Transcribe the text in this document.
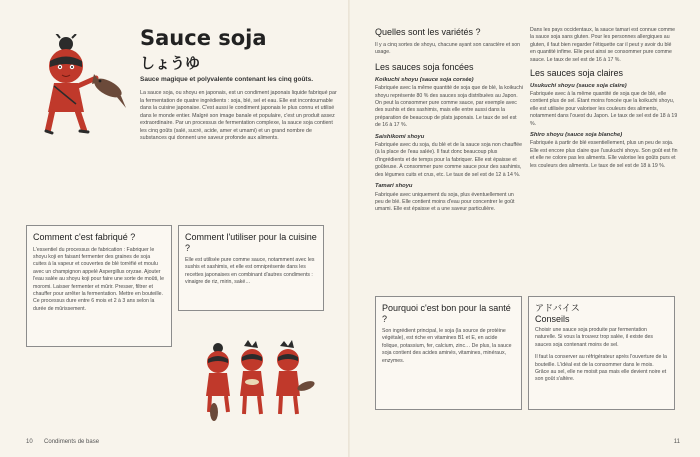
Sauce soja
しょうゆ
Sauce magique et polyvalente contenant les cinq goûts.

La sauce soja, ou shoyu en japonais, est un condiment japonais liquide fabriqué par la fermentation de quatre ingrédients : soja, blé, sel et eau. Elle est incontournable dans la cuisine japonaise. C'est aussi le condiment japonais le plus connu et utilisé dans le monde entier. Malgré son image banale et populaire, c'est un produit assez extraordinaire. Par un processus de fermentation complexe, la sauce soja contient les cinq goûts (salé, sucré, acide, amer et umami) et un grand nombre de substances qui donnent une saveur profonde aux aliments.

Comment c'est fabriqué ?

L'essentiel du processus de fabrication : Fabriquer le shoyu koji en faisant fermenter des graines de soja cuites à la vapeur et couvertes de blé torréfié et moulu avec un champignon appelé Aspergillus oryzae. Ajouter l'eau salée au shoyu koji pour faire une sorte de moûti, le moromi. Laisser fermenter et mûrir. Presser, filtrer et chauffer pour arrêter la fermentation. Mettre en bouteille. Ce processus dure entre 6 mois et 2 à 3 ans selon la durée de mûrissement.

Comment l'utiliser pour la cuisine ?

Elle est utilisée pure comme sauce, notamment avec les sushis et sashimis, et elle est omniprésente dans les recettes japonaises en combinant d'autres condiments : vinaigre de riz, mirin, saké…

10 Condiments de base
Quelles sont les variétés ?

Il y a cinq sortes de shoyu, chacune ayant son caractère et son usage.

Les sauces soja foncées
Koikuchi shoyu (sauce soja corsée)

Fabriquée avec la même quantité de soja que de blé, la koikuchi shoyu représente 80 % des sauces soja distribuées au Japon. On peut la consommer pure comme sauce, par exemple avec des sushis et des sashimis, mais elle entre aussi dans la préparation de beaucoup de plats japonais. Le taux de sel est de 16 à 17 %.

Saishikomi shoyu

Fabriquée avec du soja, du blé et de la sauce soja non chauffée (à la place de l'eau salée). Il faut donc beaucoup plus d'ingrédients et de temps pour la fabriquer. Elle est épaisse et goûteuse. À consommer pure comme sauce pour des sashimis, des légumes cuits et crus, etc. Le taux de sel est de 12 à 14 %.

Tamari shoyu

Fabriquée avec uniquement du soja, plus éventuellement un peu de blé. Elle contient moins d'eau pour concentrer le goût umami. Elle est épaisse et a une saveur particulière.

Dans les pays occidentaux, la sauce tamari est connue comme la sauce soja sans gluten. Pour les personnes allergiques au gluten, il faut bien regarder l'étiquette car il peut y avoir du blé en quantité infime. Elle peut ainsi se consommer pure comme sauce. Le taux de sel est de 16 à 17 %.

Les sauces soja claires
Usukuchi shoyu (sauce soja claire)

Fabriquée avec à la même quantité de soja que de blé, elle contient plus de sel. Étant moins foncée que la koikuchi shoyu, elle est utilisée pour valoriser les couleurs des aliments, notamment dans l'ouest du Japon. Le taux de sel est de 18 à 19 %.

Shiro shoyu (sauce soja blanche)

Fabriquée à partir de blé essentiellement, plus un peu de soja. Elle est encore plus claire que l'usukuchi shoyu. Son goût est fin et elle ne colore pas les aliments. Elle valorise les goûts purs et les couleurs des aliments. Le taux de sel est de 18 à 19 %.

Pourquoi c'est bon pour la santé ?

Son ingrédient principal, le soja (la source de protéine végétale), est riche en vitamines B1 et E, en acide folique, potassium, fer, calcium, zinc… De plus, la sauce soja contient des acides aminés, vitamines, minéraux, enzymes.

アドバイス
Conseils

Choisir une sauce soja produite par fermentation naturelle. Si vous la trouvez trop salée, il existe des sauces soja contenant moins de sel.

Il faut la conserver au réfrigérateur après l'ouverture de la bouteille. L'idéal est de la consommer dans le mois. Grâce au sel, elle ne moisit pas mais elle devient noire et son goût s'altère.

11
